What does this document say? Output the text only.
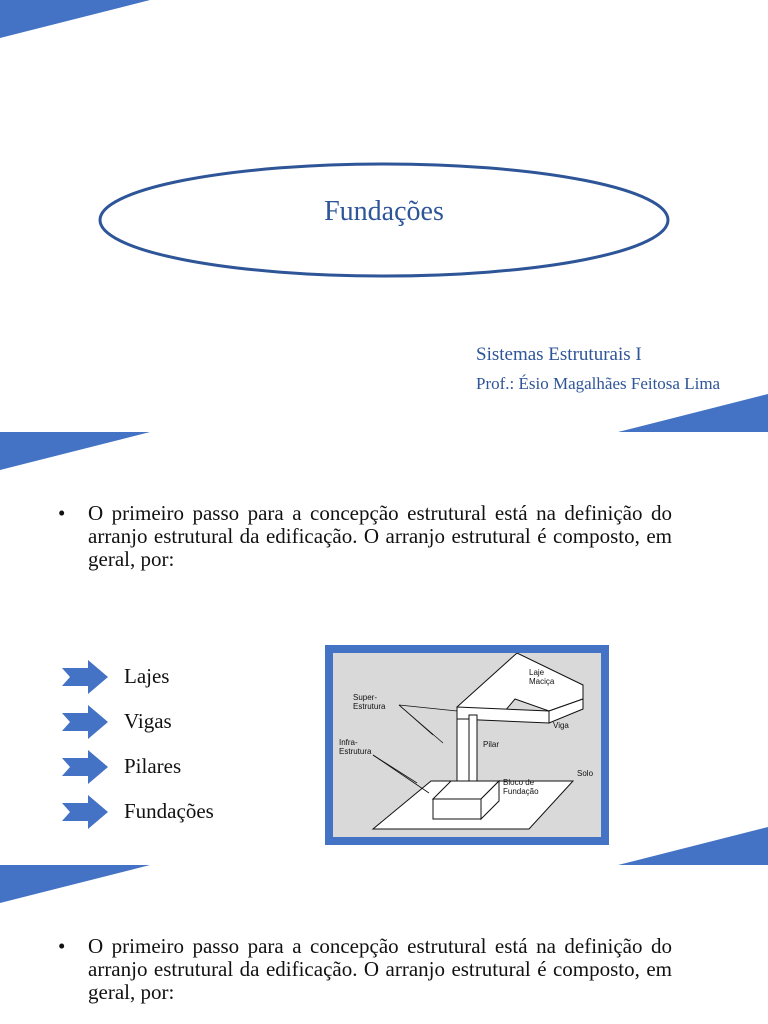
Fundações
Sistemas Estruturais I
Prof.: Ésio Magalhães Feitosa Lima
•	O primeiro passo para a concepção estrutural está na definição do arranjo estrutural da edificação. O arranjo estrutural é composto, em geral, por:
Lajes
Vigas
Pilares
Fundações
Laje
Maciça
Super-
Estrutura
Viga
Infra-
Estrutura
Pilar
Bloco de
Fundação
Solo
•	O primeiro passo para a concepção estrutural está na definição do arranjo estrutural da edificação. O arranjo estrutural é composto, em geral, por:
